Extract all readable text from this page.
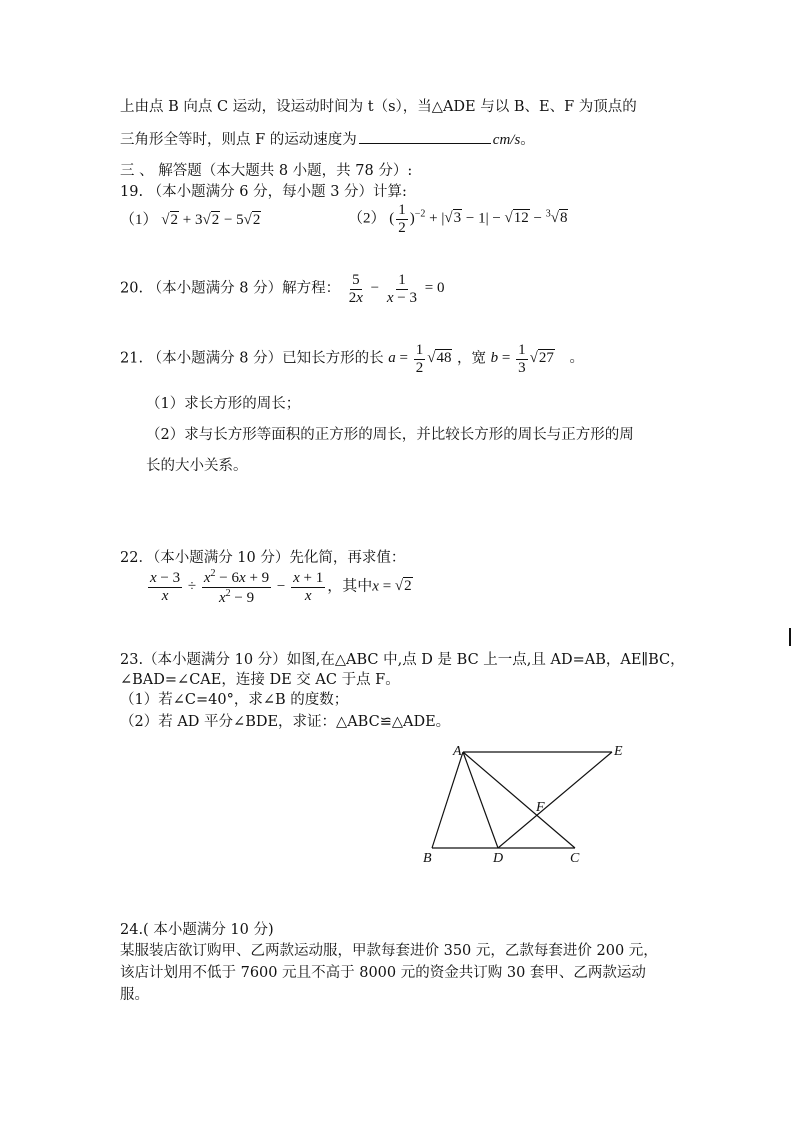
上由点 B 向点 C 运动，设运动时间为 t（s），当△ADE 与以 B、E、F 为顶点的
三角形全等时，则点 F 的运动速度为	cm/s。
三 、 解答题（本大题共 8 小题，共 78 分）:
19. （本小题满分 6 分，每小题 3 分）计算:
（1） √2 + 3√2 − 5√2	（2） ( $\frac{1}{2} )^{-2} + |√3 - 1| - √12 - ^3√8$
20. （本小题满分 8 分）解方程： $\frac{5}{2x} - \frac{1}{x - 3} = 0$
21. （本小题满分 8 分）已知长方形的长 $a = \frac{1}{2} √48$ ，宽 $b = \frac{1}{3} √27$ 。
（1）求长方形的周长；
（2）求与长方形等面积的正方形的周长，并比较长方形的周长与正方形的周
长的大小关系。
22．（本小题满分 10 分）先化简，再求值：
$\frac{x - 3}{x} \div \frac{x^2 - 6x + 9}{x^2 - 9} - \frac{x + 1}{x}$ ，其中x = √2
23.（本小题满分 10 分）如图,在△ABC 中,点 D 是 BC 上一点,且 AD=AB，AE∥BC，
∠BAD=∠CAE，连接 DE 交 AC 于点 F。
（1）若∠C=40°，求∠B 的度数；
（2）若 AD 平分∠BDE，求证：△ABC≌△ADE。
A	E
F
B	D	C
24.( 本小题满分 10 分)
某服装店欲订购甲、乙两款运动服，甲款每套进价 350 元，乙款每套进价 200 元，
该店计划用不低于 7600 元且不高于 8000 元的资金共订购 30 套甲、乙两款运动
服。
